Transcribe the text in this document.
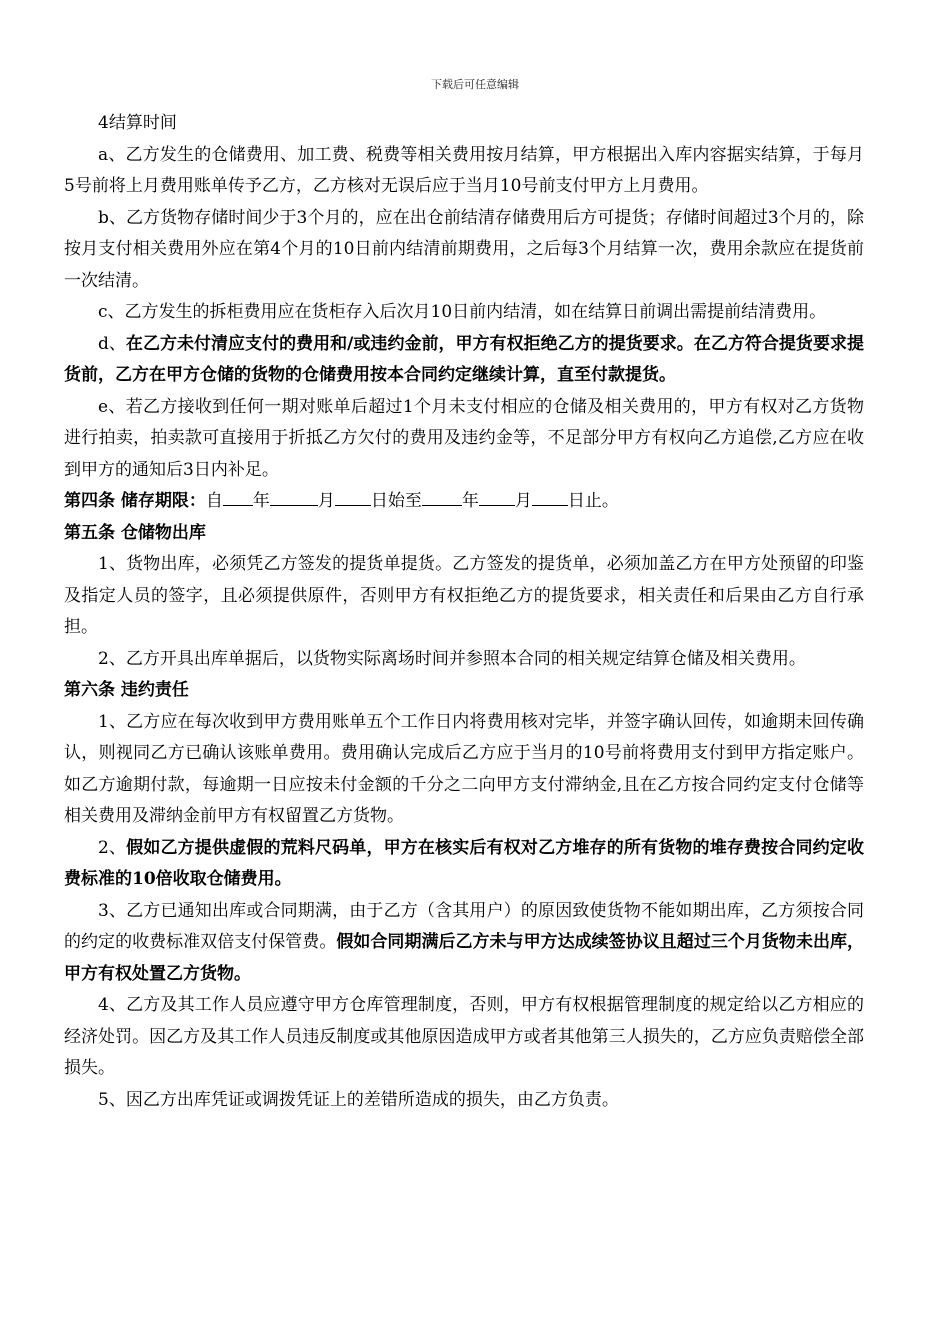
下载后可任意编辑

4结算时间

a、乙方发生的仓储费用、加工费、税费等相关费用按月结算，甲方根据出入库内容据实结算，于每月5号前将上月费用账单传予乙方，乙方核对无误后应于当月10号前支付甲方上月费用。

b、乙方货物存储时间少于3个月的，应在出仓前结清存储费用后方可提货；存储时间超过3个月的，除按月支付相关费用外应在第4个月的10日前内结清前期费用，之后每3个月结算一次，费用余款应在提货前一次结清。

c、乙方发生的拆柜费用应在货柜存入后次月10日前内结清，如在结算日前调出需提前结清费用。

d、在乙方未付清应支付的费用和/或违约金前，甲方有权拒绝乙方的提货要求。在乙方符合提货要求提货前，乙方在甲方仓储的货物的仓储费用按本合同约定继续计算，直至付款提货。

e、若乙方接收到任何一期对账单后超过1个月未支付相应的仓储及相关费用的，甲方有权对乙方货物进行拍卖，拍卖款可直接用于折抵乙方欠付的费用及违约金等，不足部分甲方有权向乙方追偿,乙方应在收到甲方的通知后3日内补足。

第四条 储存期限：自 年	月 日始至 年 月 日止。

第五条 仓储物出库

1、货物出库，必须凭乙方签发的提货单提货。乙方签发的提货单，必须加盖乙方在甲方处预留的印鉴及指定人员的签字，且必须提供原件，否则甲方有权拒绝乙方的提货要求，相关责任和后果由乙方自行承担。

2、乙方开具出库单据后，以货物实际离场时间并参照本合同的相关规定结算仓储及相关费用。

第六条 违约责任

1、乙方应在每次收到甲方费用账单五个工作日内将费用核对完毕，并签字确认回传，如逾期未回传确认，则视同乙方已确认该账单费用。费用确认完成后乙方应于当月的10号前将费用支付到甲方指定账户。如乙方逾期付款，每逾期一日应按未付金额的千分之二向甲方支付滞纳金,且在乙方按合同约定支付仓储等相关费用及滞纳金前甲方有权留置乙方货物。

2、假如乙方提供虚假的荒料尺码单，甲方在核实后有权对乙方堆存的所有货物的堆存费按合同约定收费标准的10倍收取仓储费用。

3、乙方已通知出库或合同期满，由于乙方（含其用户）的原因致使货物不能如期出库，乙方须按合同的约定的收费标准双倍支付保管费。假如合同期满后乙方未与甲方达成续签协议且超过三个月货物未出库，甲方有权处置乙方货物。

4、乙方及其工作人员应遵守甲方仓库管理制度，否则，甲方有权根据管理制度的规定给以乙方相应的经济处罚。因乙方及其工作人员违反制度或其他原因造成甲方或者其他第三人损失的，乙方应负责赔偿全部损失。

5、因乙方出库凭证或调拨凭证上的差错所造成的损失，由乙方负责。
